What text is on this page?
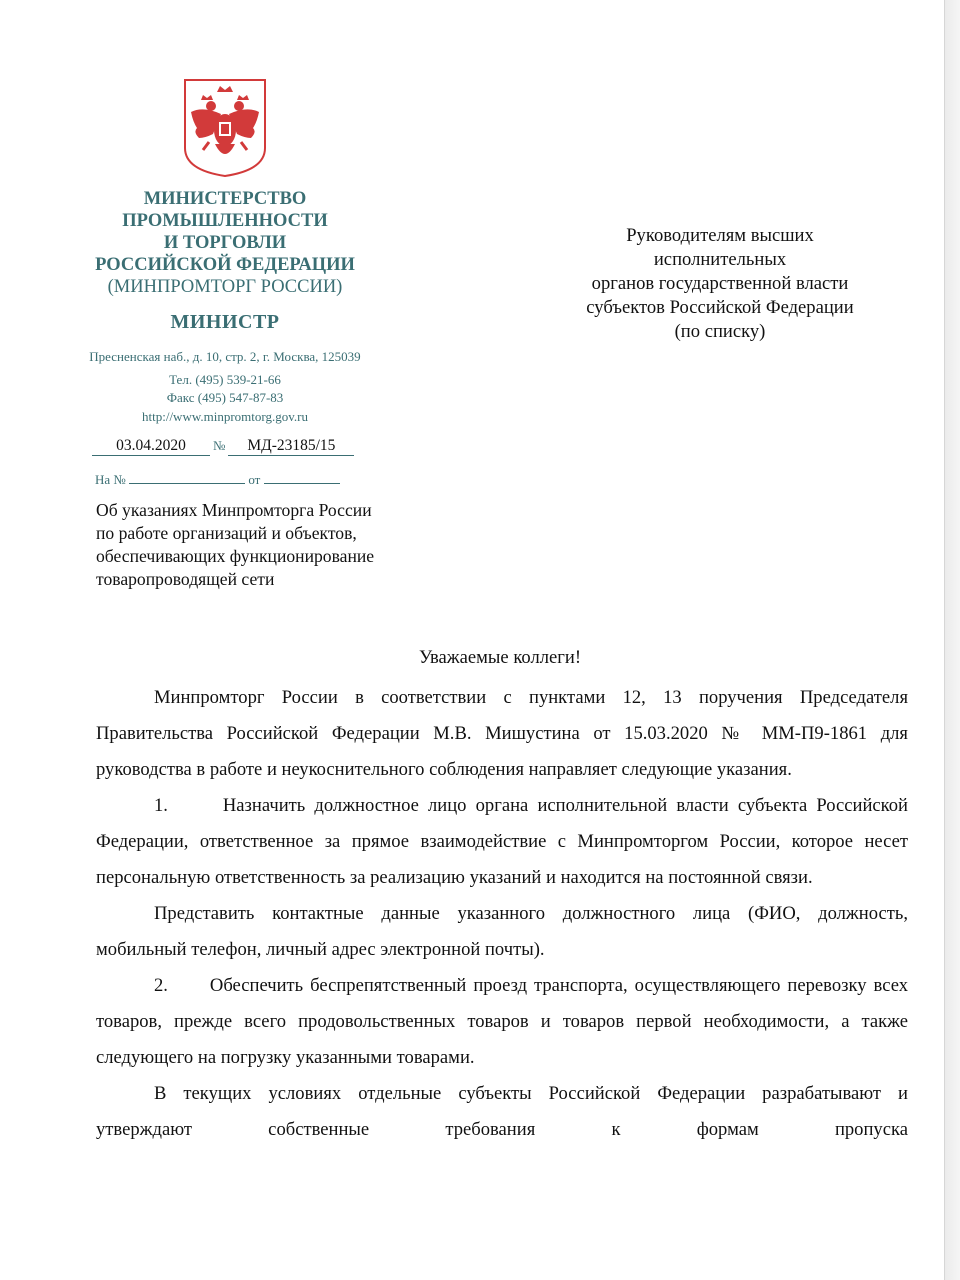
МИНИСТЕРСТВО
ПРОМЫШЛЕННОСТИ
И ТОРГОВЛИ
РОССИЙСКОЙ ФЕДЕРАЦИИ
(МИНПРОМТОРГ РОССИИ)
МИНИСТР
Пресненская наб., д. 10, стр. 2, г. Москва, 125039
Тел. (495) 539-21-66
Факс (495) 547-87-83
http://www.minpromtorg.gov.ru
03.04.2020 № МД-23185/15
На №	от
Об указаниях Минпромторга России
по работе организаций и объектов,
обеспечивающих функционирование
товаропроводящей сети
Руководителям высших
исполнительных
органов государственной власти
субъектов Российской Федерации
(по списку)
Уважаемые коллеги!

Минпромторг России в соответствии с пунктами 12, 13 поручения Председателя Правительства Российской Федерации М.В. Мишустина от 15.03.2020 № ММ-П9-1861 для руководства в работе и неукоснительного соблюдения направляет следующие указания.

1.      Назначить должностное лицо органа исполнительной власти субъекта Российской Федерации, ответственное за прямое взаимодействие с Минпромторгом России, которое несет персональную ответственность за реализацию указаний и находится на постоянной связи.

Представить контактные данные указанного должностного лица (ФИО, должность, мобильный телефон, личный адрес электронной почты).

2.      Обеспечить беспрепятственный проезд транспорта, осуществляющего перевозку всех товаров, прежде всего продовольственных товаров и товаров первой необходимости, а также следующего на погрузку указанными товарами.

В текущих условиях отдельные субъекты Российской Федерации разрабатывают и утверждают собственные требования к формам пропуска
